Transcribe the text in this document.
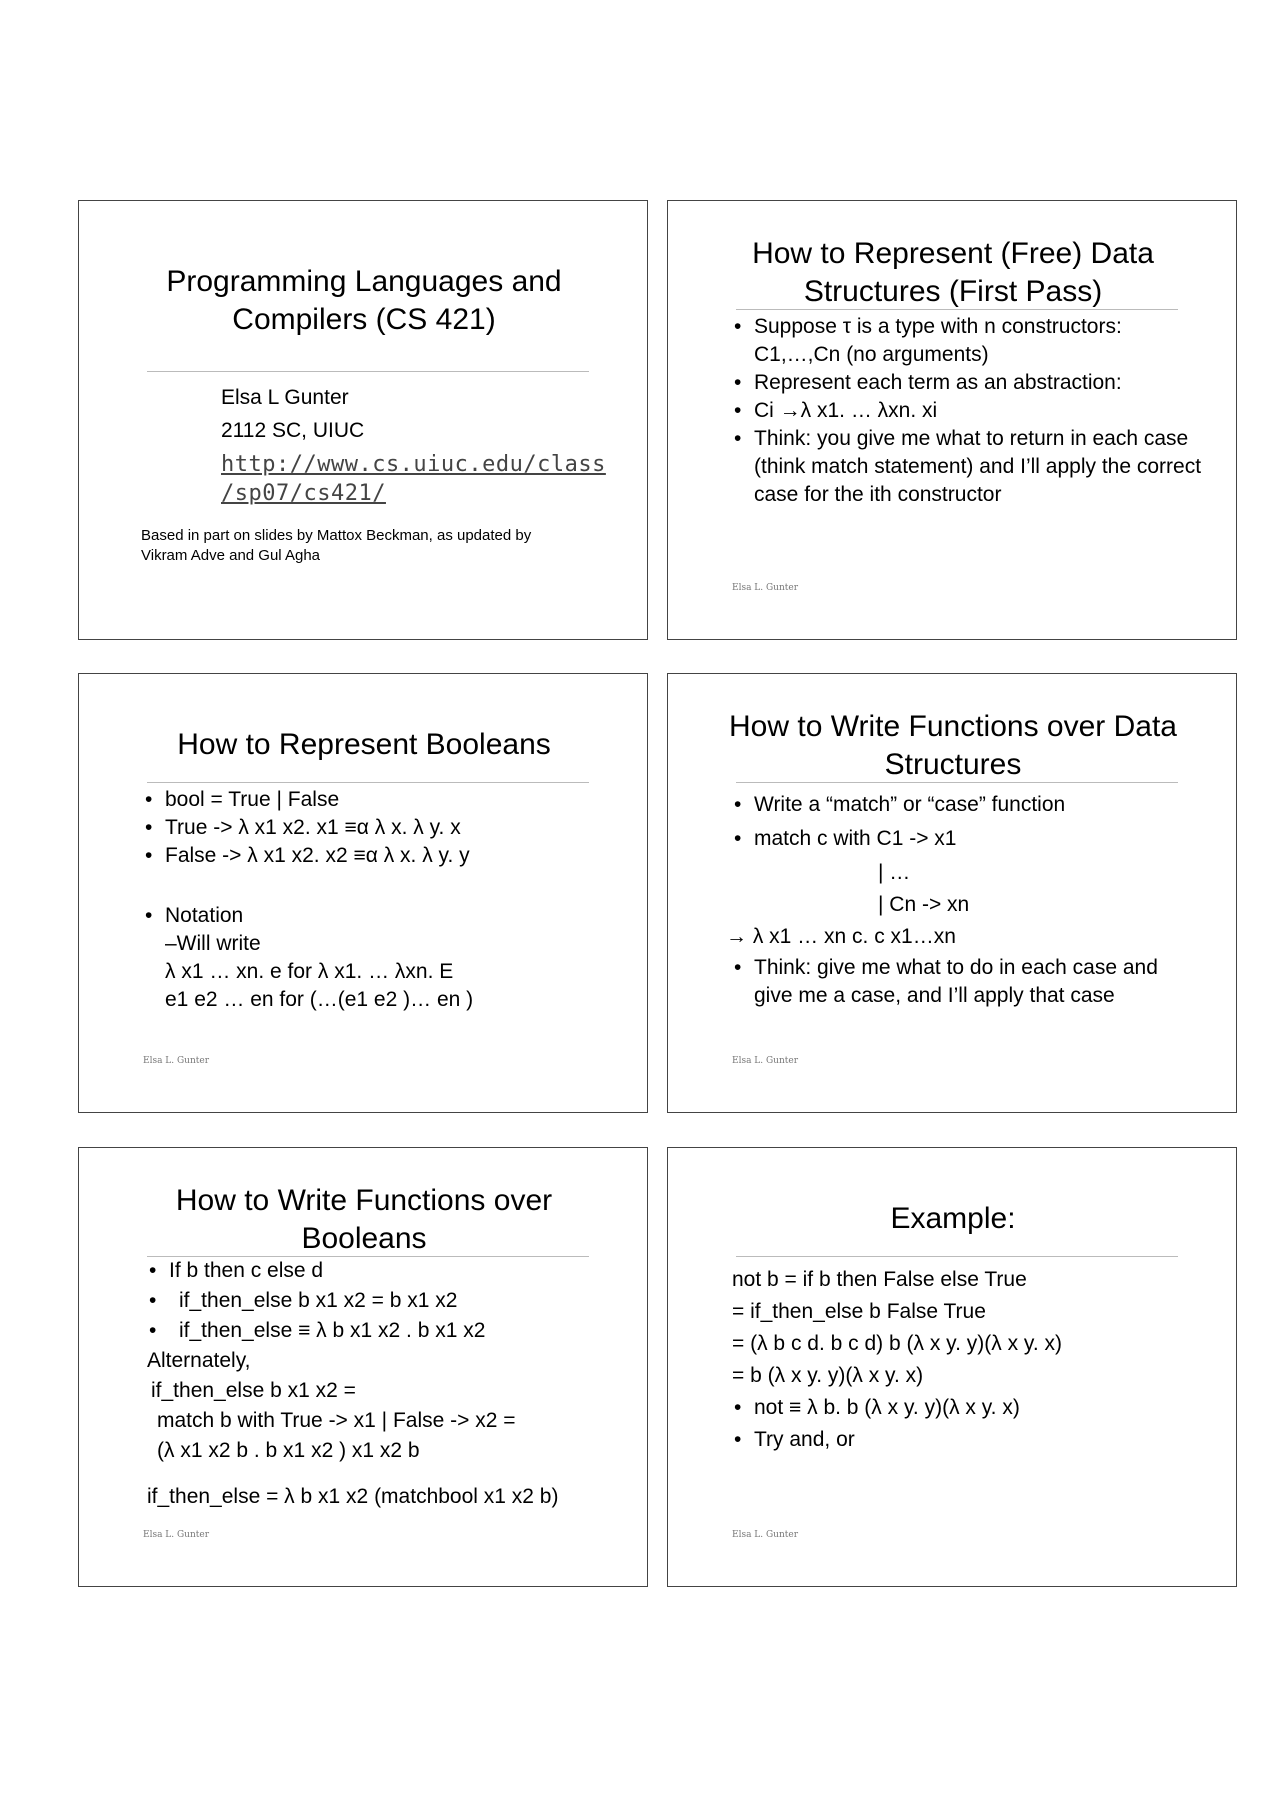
Programming Languages and Compilers (CS 421)

Elsa L Gunter

2112 SC, UIUC

http://www.cs.uiuc.edu/class

/sp07/cs421/

Based in part on slides by Mattox Beckman, as updated by Vikram Adve and Gul Agha
How to Represent (Free) Data Structures (First Pass)

• Suppose τ is a type with n constructors:

C1,…,Cn (no arguments)

• Represent each term as an abstraction:

• Ci →λ x1. … λxn. xi

• Think: you give me what to return in each case (think match statement) and I’ll apply the correct case for the ith constructor

Elsa L. Gunter
How to Represent Booleans

• bool = True | False

• True -> λ x1 x2. x1 ≡α λ x. λ y. x

• False -> λ x1 x2. x2 ≡α λ x. λ y. y

• Notation

–Will write

λ x1 … xn. e for λ x1. … λxn. E

e1 e2 … en for (…(e1 e2 )… en )

Elsa L. Gunter
How to Write Functions over Data Structures

• Write a “match” or “case” function

• match c with C1 -> x1

| …

| Cn -> xn

→ λ x1 … xn c. c x1…xn

• Think: give me what to do in each case and give me a case, and I’ll apply that case

Elsa L. Gunter
How to Write Functions over Booleans

• If b then c else d

• if_then_else b x1 x2 = b x1 x2

• if_then_else ≡ λ b x1 x2 . b x1 x2

Alternately,

if_then_else b x1 x2 =

match b with True -> x1 | False -> x2 =

(λ x1 x2 b . b x1 x2 ) x1 x2 b

if_then_else = λ b x1 x2 (matchbool x1 x2 b)

Elsa L. Gunter
Example:

not b = if b then False else True

= if_then_else b False True

= (λ b c d. b c d) b (λ x y. y)(λ x y. x)

= b (λ x y. y)(λ x y. x)

• not ≡ λ b. b (λ x y. y)(λ x y. x)

• Try and, or

Elsa L. Gunter
